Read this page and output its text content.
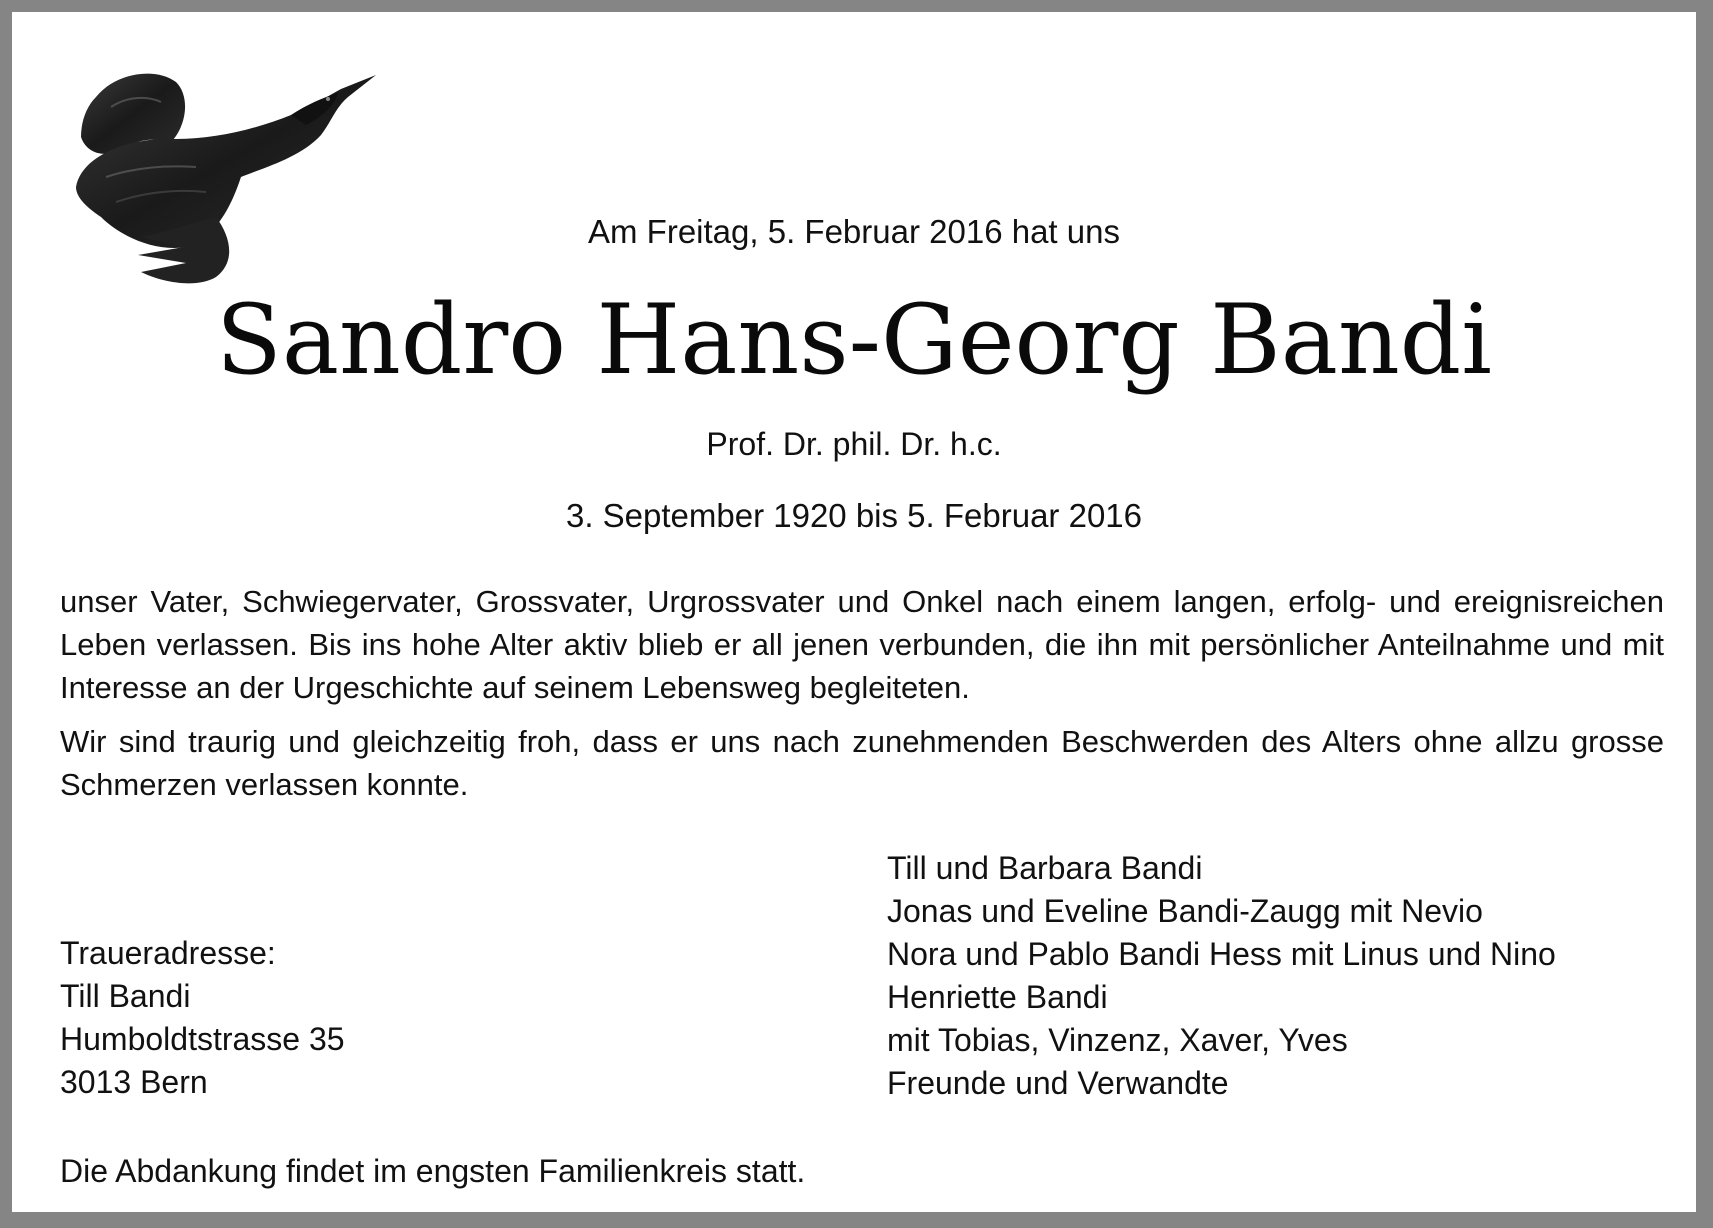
Am Freitag, 5. Februar 2016 hat uns
Sandro Hans-Georg Bandi
Prof. Dr. phil. Dr. h.c.
3. September 1920 bis 5. Februar 2016

unser Vater, Schwiegervater, Grossvater, Urgrossvater und Onkel nach einem langen, erfolg- und ereignisreichen Leben verlassen. Bis ins hohe Alter aktiv blieb er all jenen verbunden, die ihn mit persönlicher Anteilnahme und mit Interesse an der Urgeschichte auf seinem Lebensweg begleiteten.

Wir sind traurig und gleichzeitig froh, dass er uns nach zunehmenden Beschwerden des Alters ohne allzu grosse Schmerzen verlassen konnte.

Traueradresse:
Till Bandi
Humboldtstrasse 35
3013 Bern
Till und Barbara Bandi
Jonas und Eveline Bandi-Zaugg mit Nevio
Nora und Pablo Bandi Hess mit Linus und Nino
Henriette Bandi
mit Tobias, Vinzenz, Xaver, Yves
Freunde und Verwandte
Die Abdankung findet im engsten Familienkreis statt.
